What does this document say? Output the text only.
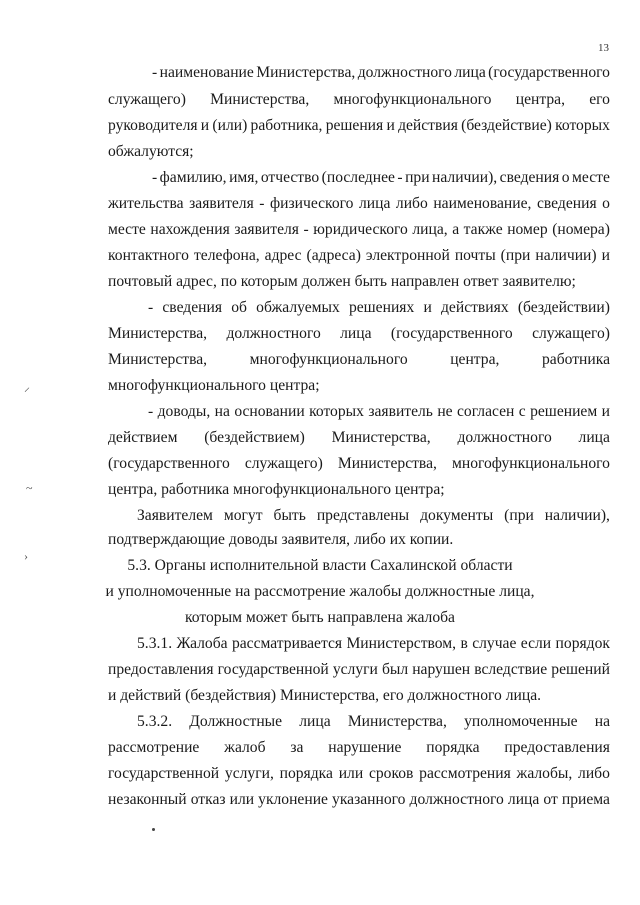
13

- наименование Министерства, должностного лица (государственного

служащего) Министерства, многофункционального центра, его

руководителя и (или) работника, решения и действия (бездействие) которых

обжалуются;

- фамилию, имя, отчество (последнее - при наличии), сведения о месте

жительства заявителя - физического лица либо наименование, сведения о

месте нахождения заявителя - юридического лица, а также номер (номера)

контактного телефона, адрес (адреса) электронной почты (при наличии) и

почтовый адрес, по которым должен быть направлен ответ заявителю;

- сведения об обжалуемых решениях и действиях (бездействии)

Министерства, должностного лица (государственного служащего)

Министерства,	многофункционального	центра,	работника

многофункционального центра;

- доводы, на основании которых заявитель не согласен с решением и

действием (бездействием) Министерства, должностного лица

(государственного служащего) Министерства, многофункционального

центра, работника многофункционального центра;

Заявителем могут быть представлены документы (при наличии),

подтверждающие доводы заявителя, либо их копии.

5.3. Органы исполнительной власти Сахалинской области

и уполномоченные на рассмотрение жалобы должностные лица,

которым может быть направлена жалоба

5.3.1. Жалоба рассматривается Министерством, в случае если порядок

предоставления государственной услуги был нарушен вследствие решений

и действий (бездействия) Министерства, его должностного лица.

5.3.2. Должностные лица Министерства, уполномоченные на

рассмотрение жалоб за нарушение порядка предоставления

государственной услуги, порядка или сроков рассмотрения жалобы, либо

незаконный отказ или уклонение указанного должностного лица от приема

⸝
~
›
